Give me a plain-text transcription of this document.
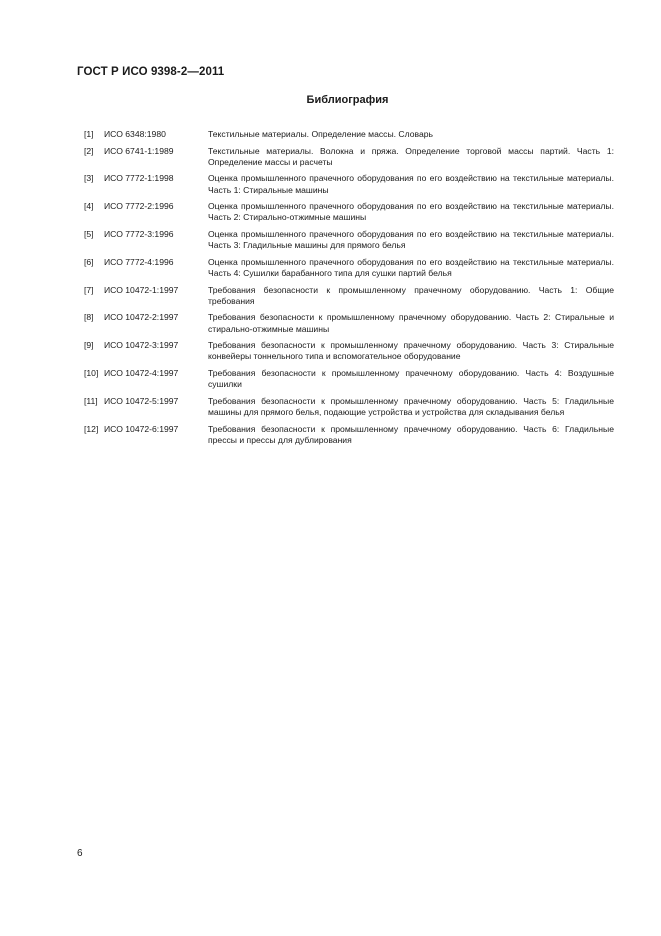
ГОСТ Р ИСО 9398-2—2011
Библиография
[1]	ИСО 6348:1980	Текстильные материалы. Определение массы. Словарь
[2]	ИСО 6741-1:1989	Текстильные материалы. Волокна и пряжа. Определение торговой массы партий. Часть 1: Определение массы и расчеты
[3]	ИСО 7772-1:1998	Оценка промышленного прачечного оборудования по его воздействию на текстильные материалы. Часть 1: Стиральные машины
[4]	ИСО 7772-2:1996	Оценка промышленного прачечного оборудования по его воздействию на текстильные материалы. Часть 2: Стирально-отжимные машины
[5]	ИСО 7772-3:1996	Оценка промышленного прачечного оборудования по его воздействию на текстильные материалы. Часть 3: Гладильные машины для прямого белья
[6]	ИСО 7772-4:1996	Оценка промышленного прачечного оборудования по его воздействию на текстильные материалы. Часть 4: Сушилки барабанного типа для сушки партий белья
[7]	ИСО 10472-1:1997	Требования безопасности к промышленному прачечному оборудованию. Часть 1: Общие требования
[8]	ИСО 10472-2:1997	Требования безопасности к промышленному прачечному оборудованию. Часть 2: Стиральные и стирально-отжимные машины
[9]	ИСО 10472-3:1997	Требования безопасности к промышленному прачечному оборудованию. Часть 3: Стиральные конвейеры тоннельного типа и вспомогательное оборудование
[10] ИСО 10472-4:1997	Требования безопасности к промышленному прачечному оборудованию. Часть 4: Воздушные сушилки
[11] ИСО 10472-5:1997	Требования безопасности к промышленному прачечному оборудованию. Часть 5: Гладильные машины для прямого белья, подающие устройства и устройства для складывания белья
[12] ИСО 10472-6:1997	Требования безопасности к промышленному прачечному оборудованию. Часть 6: Гладильные прессы и прессы для дублирования
6
